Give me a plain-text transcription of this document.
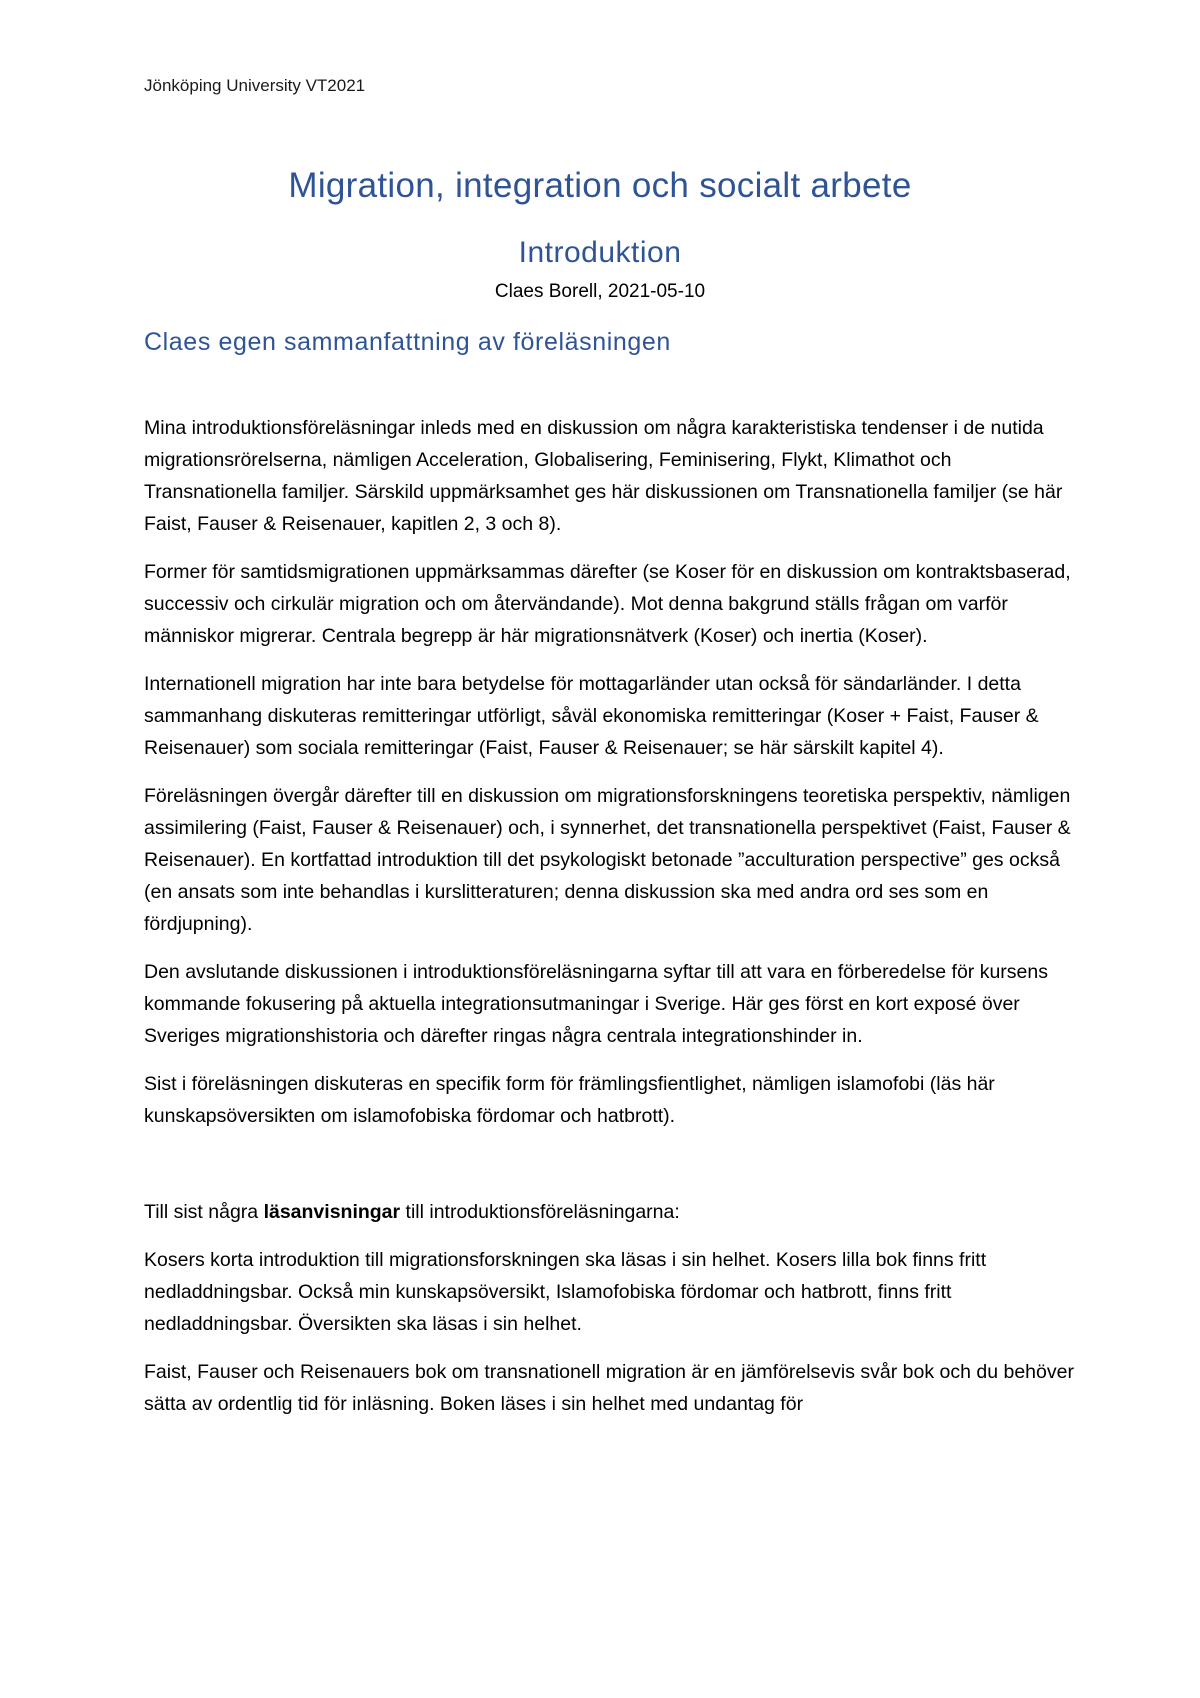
Jönköping University VT2021
Migration, integration och socialt arbete
Introduktion
Claes Borell, 2021-05-10
Claes egen sammanfattning av föreläsningen

Mina introduktionsföreläsningar inleds med en diskussion om några karakteristiska tendenser i de nutida migrationsrörelserna, nämligen Acceleration, Globalisering, Feminisering, Flykt, Klimathot och Transnationella familjer. Särskild uppmärksamhet ges här diskussionen om Transnationella familjer (se här Faist, Fauser & Reisenauer, kapitlen 2, 3 och 8).

Former för samtidsmigrationen uppmärksammas därefter (se Koser för en diskussion om kontraktsbaserad, successiv och cirkulär migration och om återvändande). Mot denna bakgrund ställs frågan om varför människor migrerar. Centrala begrepp är här migrationsnätverk (Koser) och inertia (Koser).

Internationell migration har inte bara betydelse för mottagarländer utan också för sändarländer. I detta sammanhang diskuteras remitteringar utförligt, såväl ekonomiska remitteringar (Koser + Faist, Fauser & Reisenauer) som sociala remitteringar (Faist, Fauser & Reisenauer; se här särskilt kapitel 4).

Föreläsningen övergår därefter till en diskussion om migrationsforskningens teoretiska perspektiv, nämligen assimilering (Faist, Fauser & Reisenauer) och, i synnerhet, det transnationella perspektivet (Faist, Fauser & Reisenauer). En kortfattad introduktion till det psykologiskt betonade ”acculturation perspective” ges också (en ansats som inte behandlas i kurslitteraturen; denna diskussion ska med andra ord ses som en fördjupning).

Den avslutande diskussionen i introduktionsföreläsningarna syftar till att vara en förberedelse för kursens kommande fokusering på aktuella integrationsutmaningar i Sverige. Här ges först en kort exposé över Sveriges migrationshistoria och därefter ringas några centrala integrationshinder in.

Sist i föreläsningen diskuteras en specifik form för främlingsfientlighet, nämligen islamofobi (läs här kunskapsöversikten om islamofobiska fördomar och hatbrott).

Till sist några läsanvisningar till introduktionsföreläsningarna:

Kosers korta introduktion till migrationsforskningen ska läsas i sin helhet. Kosers lilla bok finns fritt nedladdningsbar. Också min kunskapsöversikt, Islamofobiska fördomar och hatbrott, finns fritt nedladdningsbar. Översikten ska läsas i sin helhet.

Faist, Fauser och Reisenauers bok om transnationell migration är en jämförelsevis svår bok och du behöver sätta av ordentlig tid för inläsning. Boken läses i sin helhet med undantag för
